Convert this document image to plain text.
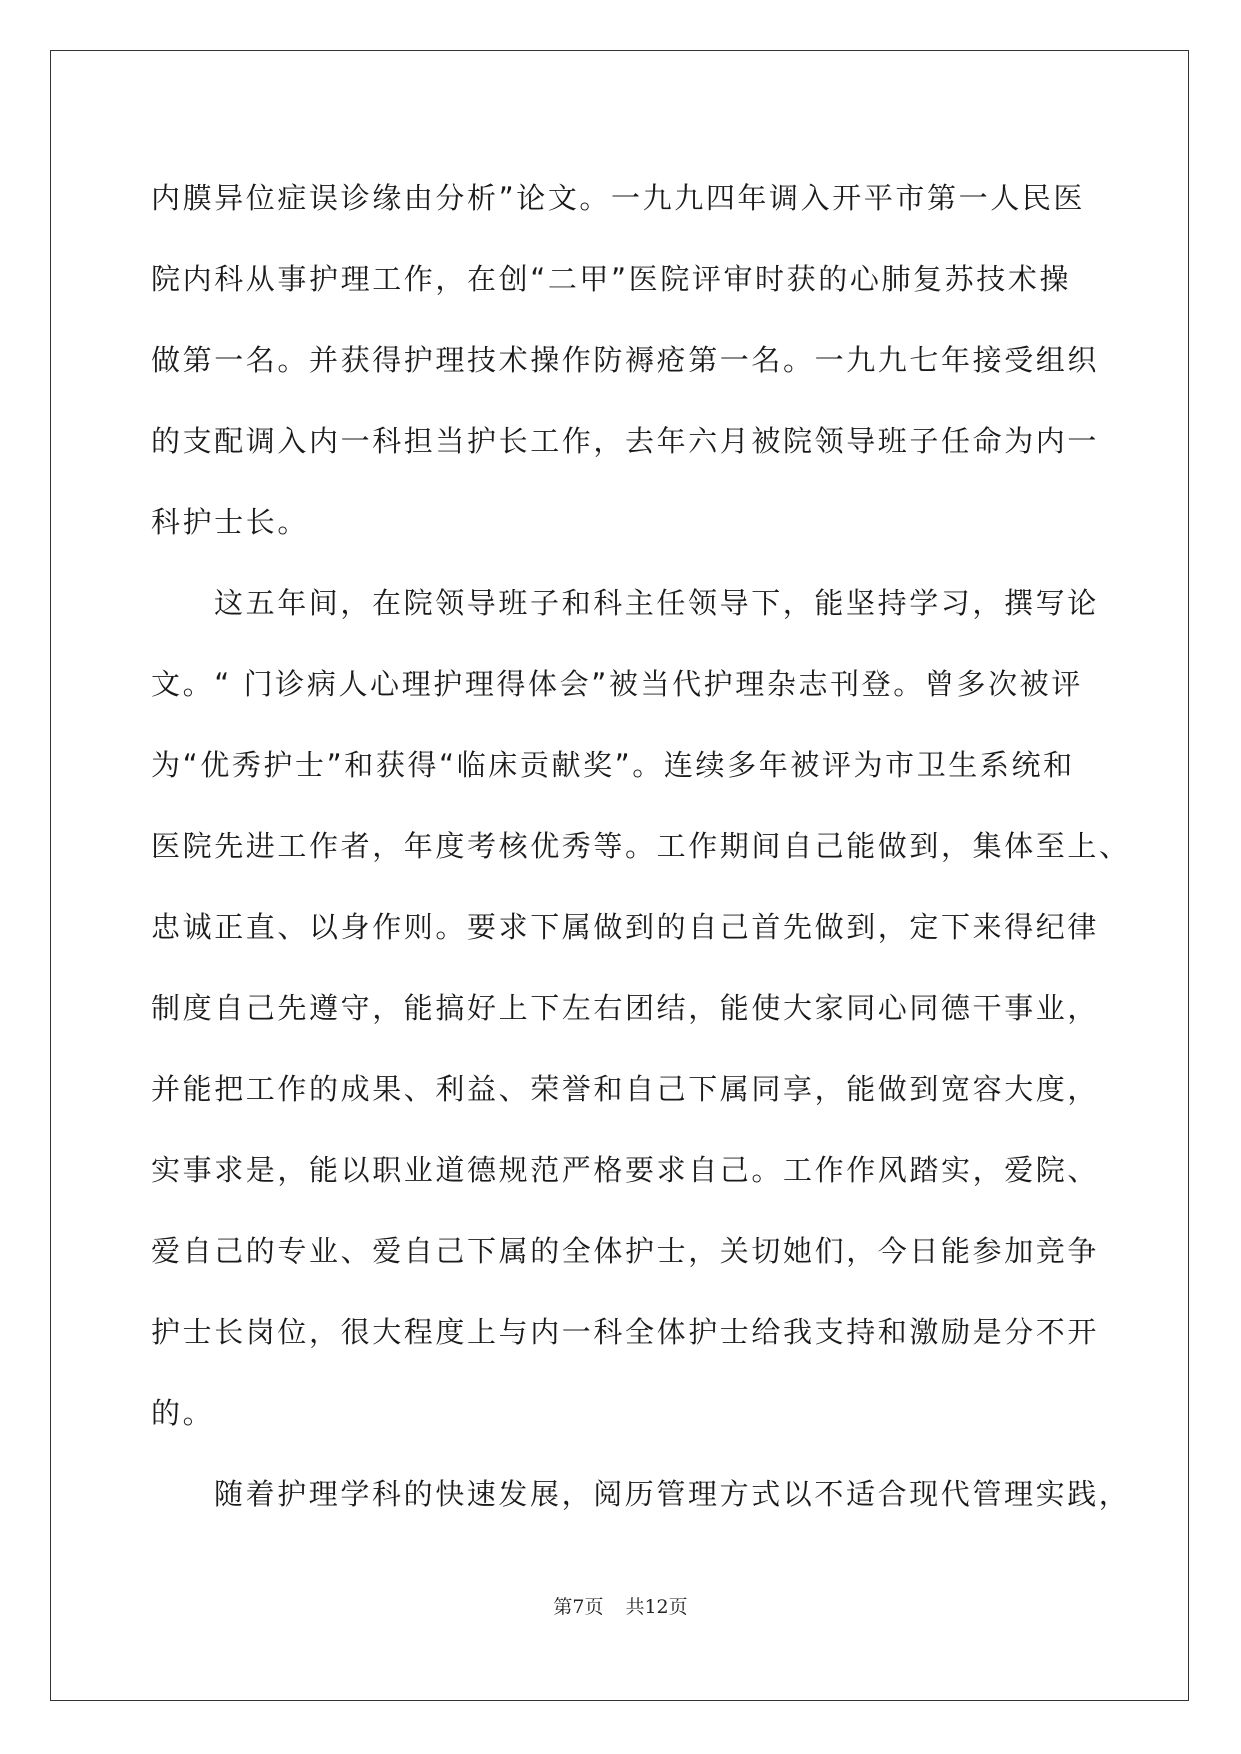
内膜异位症误诊缘由分析”论文。一九九四年调入开平市第一人民医
院内科从事护理工作，在创“二甲”医院评审时获的心肺复苏技术操
做第一名。并获得护理技术操作防褥疮第一名。一九九七年接受组织
的支配调入内一科担当护长工作，去年六月被院领导班子任命为内一
科护士长。
这五年间，在院领导班子和科主任领导下，能坚持学习，撰写论
文。“ 门诊病人心理护理得体会”被当代护理杂志刊登。曾多次被评
为“优秀护士”和获得“临床贡献奖”。连续多年被评为市卫生系统和
医院先进工作者，年度考核优秀等。工作期间自己能做到，集体至上、
忠诚正直、以身作则。要求下属做到的自己首先做到，定下来得纪律
制度自己先遵守，能搞好上下左右团结，能使大家同心同德干事业，
并能把工作的成果、利益、荣誉和自己下属同享，能做到宽容大度，
实事求是，能以职业道德规范严格要求自己。工作作风踏实，爱院、
爱自己的专业、爱自己下属的全体护士，关切她们，今日能参加竞争
护士长岗位，很大程度上与内一科全体护士给我支持和激励是分不开
的。
随着护理学科的快速发展，阅历管理方式以不适合现代管理实践，
第7页 共12页
